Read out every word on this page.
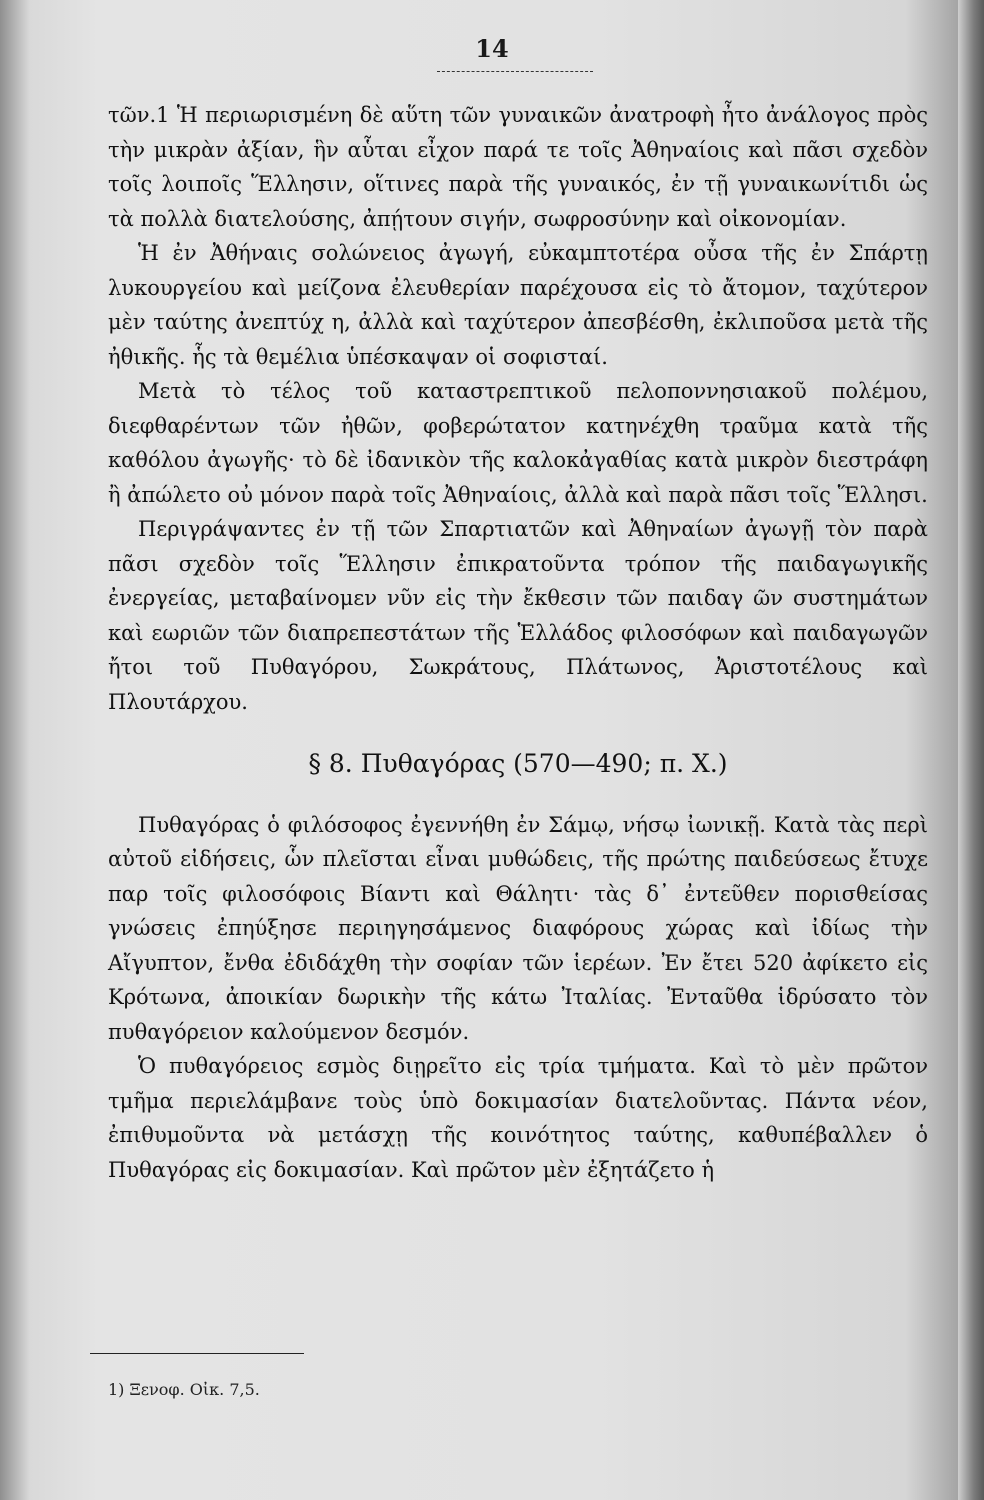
14

τῶν.1 Ἡ περιωρισμένη δὲ αὕτη τῶν γυναικῶν ἀνατροφὴ ἦτο ἀνάλογος πρὸς τὴν μικρὰν ἀξίαν, ἣν αὗται εἶχον παρά τε τοῖς Ἀθηναίοις καὶ πᾶσι σχεδὸν τοῖς λοιποῖς Ἕλλησιν, οἵτινες παρὰ τῆς γυναικός, ἐν τῇ γυναικωνίτιδι ὡς τὰ πολλὰ διατελούσης, ἀπῄτουν σιγήν, σωφροσύνην καὶ οἰκονομίαν.

Ἡ ἐν Ἀθήναις σολώνειος ἀγωγή, εὐκαμπτοτέρα οὖσα τῆς ἐν Σπάρτῃ λυκουργείου καὶ μείζονα ἐλευθερίαν παρέχουσα εἰς τὸ ἄτομον, ταχύτερον μὲν ταύτης ἀνεπτύχ η, ἀλλὰ καὶ ταχύτερον ἀπεσβέσθη, ἐκλιποῦσα μετὰ τῆς ἠθικῆς. ἧς τὰ θεμέλια ὑπέσκαψαν οἱ σοφισταί.

Μετὰ τὸ τέλος τοῦ καταστρεπτικοῦ πελοποννησιακοῦ πολέμου, διεφθαρέντων τῶν ἠθῶν, φοβερώτατον κατηνέχθη τραῦμα κατὰ τῆς καθόλου ἀγωγῆς· τὸ δὲ ἰδανικὸν τῆς καλοκἀγαθίας κατὰ μικρὸν διεστράφη ἢ ἀπώλετο οὐ μόνον παρὰ τοῖς Ἀθηναίοις, ἀλλὰ καὶ παρὰ πᾶσι τοῖς Ἕλλησι.

Περιγράψαντες ἐν τῇ τῶν Σπαρτιατῶν καὶ Ἀθηναίων ἀγωγῇ τὸν παρὰ πᾶσι σχεδὸν τοῖς Ἕλλησιν ἐπικρατοῦντα τρόπον τῆς παιδαγωγικῆς ἐνεργείας, μεταβαίνομεν νῦν εἰς τὴν ἔκθεσιν τῶν παιδαγ ῶν συστημάτων καὶ εωριῶν τῶν διαπρεπεστάτων τῆς Ἑλλάδος φιλοσόφων καὶ παιδαγωγῶν ἤτοι τοῦ Πυθαγόρου, Σωκράτους, Πλάτωνος, Ἀριστοτέλους καὶ Πλουτάρχου.

§ 8. Πυθαγόρας (570—490; π. Χ.)

Πυθαγόρας ὁ φιλόσοφος ἐγεννήθη ἐν Σάμῳ, νήσῳ ἰωνικῇ. Κατὰ τὰς περὶ αὐτοῦ εἰδήσεις, ὧν πλεῖσται εἶναι μυθώδεις, τῆς πρώτης παιδεύσεως ἔτυχε παρ τοῖς φιλοσόφοις Βίαντι καὶ Θάλητι· τὰς δ᾽ ἐντεῦθεν πορισθείσας γνώσεις ἐπηύξησε περιηγησάμενος διαφόρους χώρας καὶ ἰδίως τὴν Αἴγυπτον, ἔνθα ἐδιδάχθη τὴν σοφίαν τῶν ἱερέων. Ἐν ἔτει 520 ἀφίκετο εἰς Κρότωνα, ἀποικίαν δωρικὴν τῆς κάτω Ἰταλίας. Ἐνταῦθα ἱδρύσατο τὸν πυθαγόρειον καλούμενον δεσμόν.

Ὁ πυθαγόρειος εσμὸς διῃρεῖτο εἰς τρία τμήματα. Καὶ τὸ μὲν πρῶτον τμῆμα περιελάμβανε τοὺς ὑπὸ δοκιμασίαν διατελοῦντας. Πάντα νέον, ἐπιθυμοῦντα νὰ μετάσχῃ τῆς κοινότητος ταύτης, καθυπέβαλλεν ὁ Πυθαγόρας εἰς δοκιμασίαν. Καὶ πρῶτον μὲν ἐξητάζετο ἡ

1) Ξενοφ. Οἰκ. 7,5.
